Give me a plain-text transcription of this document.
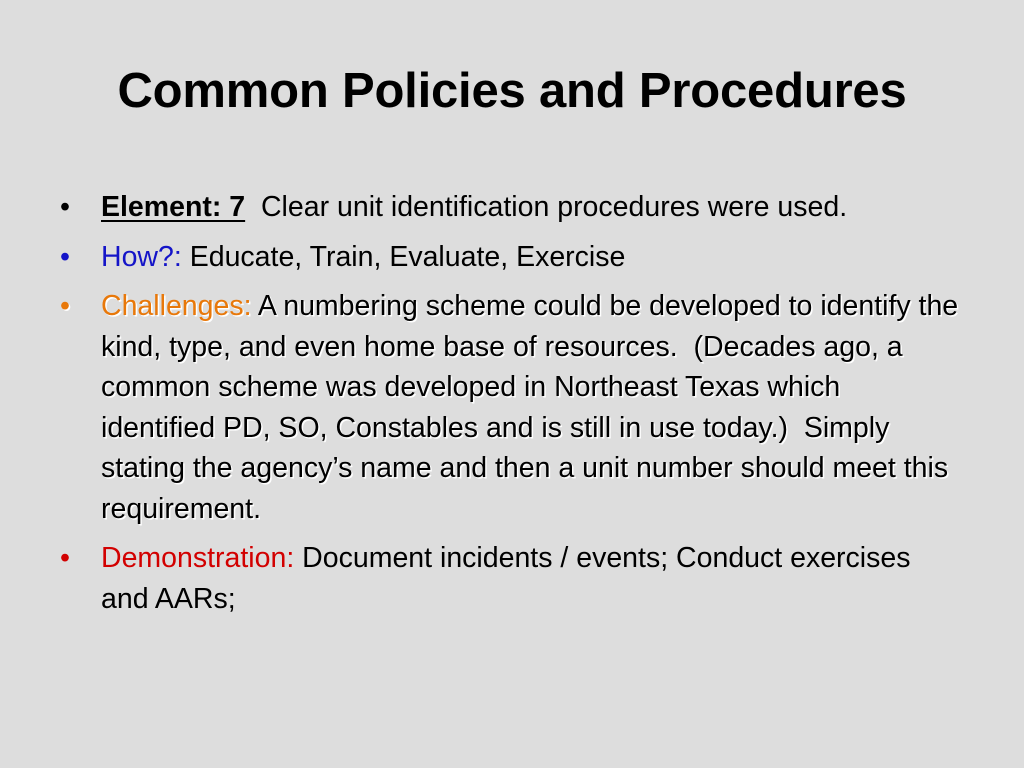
Common Policies and Procedures
•	Element: 7  Clear unit identification procedures were used.
•	How?: Educate, Train, Evaluate, Exercise
•	Challenges: A numbering scheme could be developed to identify the kind, type, and even home base of resources.  (Decades ago, a common scheme was developed in Northeast Texas which identified PD, SO, Constables and is still in use today.)  Simply stating the agency’s name and then a unit number should meet this requirement.
•	Demonstration: Document incidents / events; Conduct exercises and AARs;
